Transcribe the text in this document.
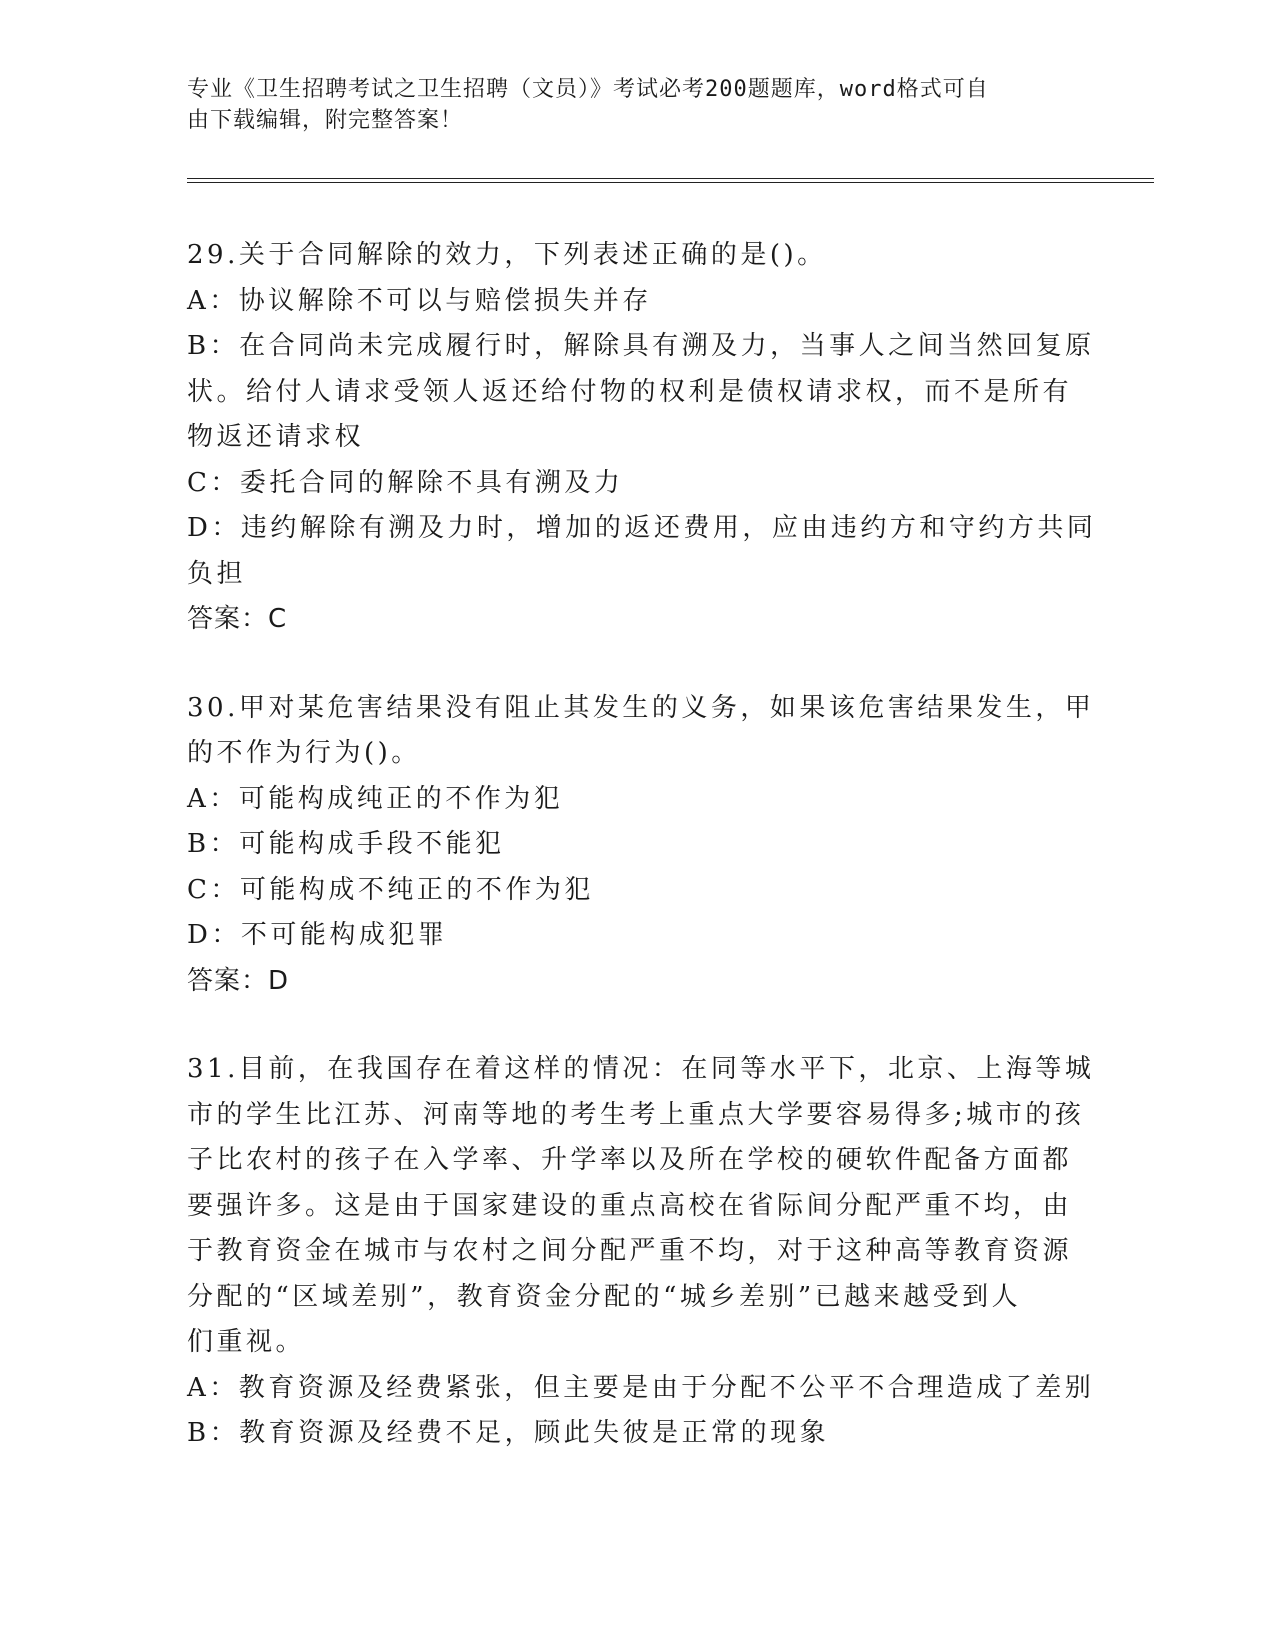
专业《卫生招聘考试之卫生招聘（文员）》考试必考200题题库，word格式可自
由下载编辑，附完整答案！
29.关于合同解除的效力，下列表述正确的是()。
A：协议解除不可以与赔偿损失并存
B：在合同尚未完成履行时，解除具有溯及力，当事人之间当然回复原
状。给付人请求受领人返还给付物的权利是债权请求权，而不是所有
物返还请求权
C：委托合同的解除不具有溯及力
D：违约解除有溯及力时，增加的返还费用，应由违约方和守约方共同
负担
答案：C
30.甲对某危害结果没有阻止其发生的义务，如果该危害结果发生，甲
的不作为行为()。
A：可能构成纯正的不作为犯
B：可能构成手段不能犯
C：可能构成不纯正的不作为犯
D：不可能构成犯罪
答案：D
31.目前，在我国存在着这样的情况：在同等水平下，北京、上海等城
市的学生比江苏、河南等地的考生考上重点大学要容易得多;城市的孩
子比农村的孩子在入学率、升学率以及所在学校的硬软件配备方面都
要强许多。这是由于国家建设的重点高校在省际间分配严重不均，由
于教育资金在城市与农村之间分配严重不均，对于这种高等教育资源
分配的“区域差别”，教育资金分配的“城乡差别”已越来越受到人
们重视。
A：教育资源及经费紧张，但主要是由于分配不公平不合理造成了差别
B：教育资源及经费不足，顾此失彼是正常的现象
